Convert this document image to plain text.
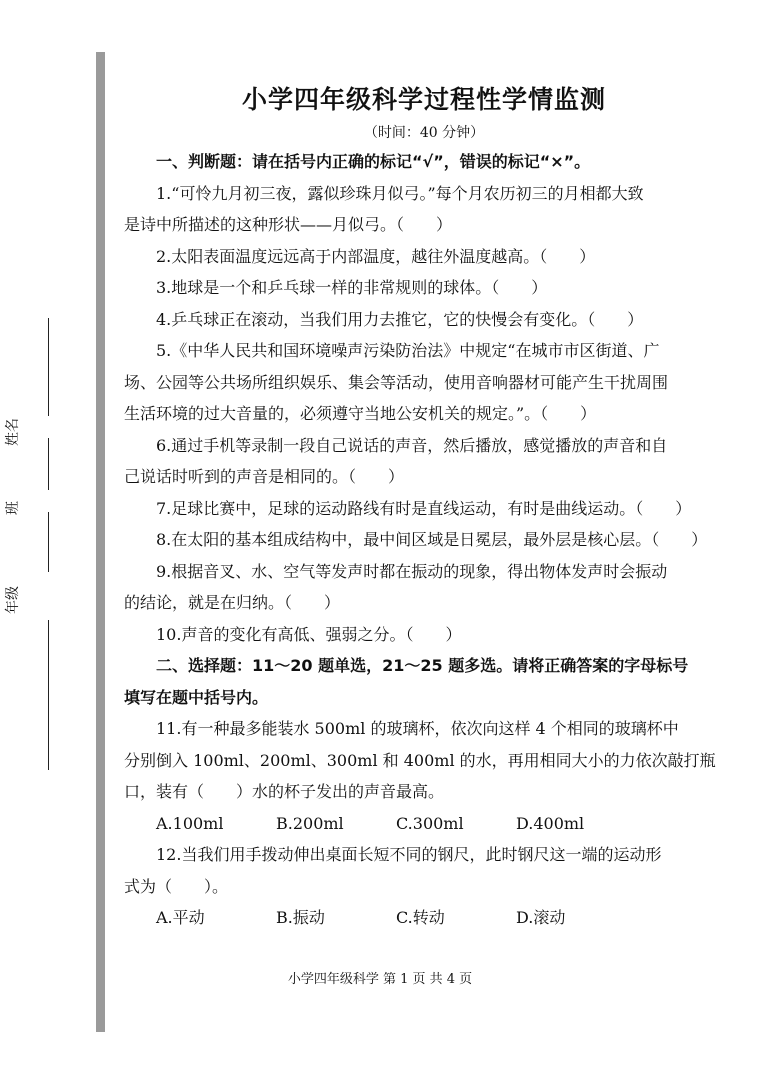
姓名
班
年级
小学四年级科学过程性学情监测

（时间：40 分钟）

一、判断题：请在括号内正确的标记“√”，错误的标记“×”。

1.“可怜九月初三夜，露似珍珠月似弓。”每个月农历初三的月相都大致

是诗中所描述的这种形状——月似弓。（　　）

2.太阳表面温度远远高于内部温度，越往外温度越高。（　　）

3.地球是一个和乒乓球一样的非常规则的球体。（　　）

4.乒乓球正在滚动，当我们用力去推它，它的快慢会有变化。（　　）

5.《中华人民共和国环境噪声污染防治法》中规定“在城市市区街道、广

场、公园等公共场所组织娱乐、集会等活动，使用音响器材可能产生干扰周围

生活环境的过大音量的，必须遵守当地公安机关的规定。”。（　　）

6.通过手机等录制一段自己说话的声音，然后播放，感觉播放的声音和自

己说话时听到的声音是相同的。（　　）

7.足球比赛中，足球的运动路线有时是直线运动，有时是曲线运动。（　　）

8.在太阳的基本组成结构中，最中间区域是日冕层，最外层是核心层。（　　）

9.根据音叉、水、空气等发声时都在振动的现象，得出物体发声时会振动

的结论，就是在归纳。（　　）

10.声音的变化有高低、强弱之分。（　　）

二、选择题：11～20 题单选，21～25 题多选。请将正确答案的字母标号

填写在题中括号内。

11.有一种最多能装水 500ml 的玻璃杯，依次向这样 4 个相同的玻璃杯中

分别倒入 100ml、200ml、300ml 和 400ml 的水，再用相同大小的力依次敲打瓶

口，装有（　　）水的杯子发出的声音最高。

A.100ml	B.200ml	C.300ml	D.400ml

12.当我们用手拨动伸出桌面长短不同的钢尺，此时钢尺这一端的运动形

式为（　　）。

A.平动	B.振动	C.转动	D.滚动

小学四年级科学 第 1 页 共 4 页
